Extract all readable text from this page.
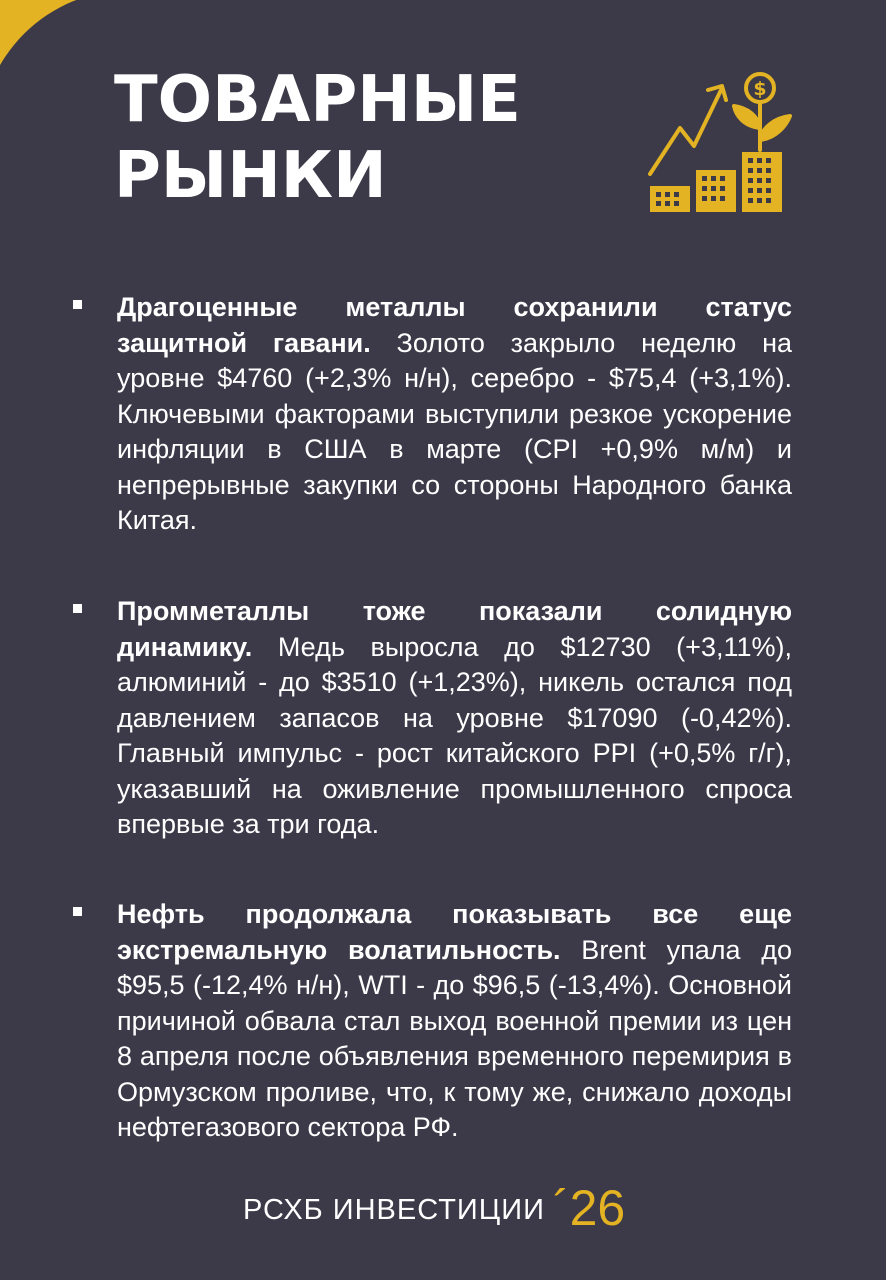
ТОВАРНЫЕ
РЫНКИ
$

Драгоценные металлы сохранили статус защитной гавани. Золото закрыло неделю на уровне $4760 (+2,3% н/н), серебро - $75,4 (+3,1%). Ключевыми факторами выступили резкое ускорение инфляции в США в марте (CPI +0,9% м/м) и непрерывные закупки со стороны Народного банка Китая.

Промметаллы тоже показали солидную динамику. Медь выросла до $12730 (+3,11%), алюминий - до $3510 (+1,23%), никель остался под давлением запасов на уровне $17090 (-0,42%). Главный импульс - рост китайского PPI (+0,5% г/г), указавший на оживление промышленного спроса впервые за три года.

Нефть продолжала показывать все еще экстремальную волатильность. Brent упала до $95,5 (-12,4% н/н), WTI - до $96,5 (-13,4%). Основной причиной обвала стал выход военной премии из цен 8 апреля после объявления временного перемирия в Ормузском проливе, что, к тому же, снижало доходы нефтегазового сектора РФ.

РСХБ ИНВЕСТИЦИИ ´26
